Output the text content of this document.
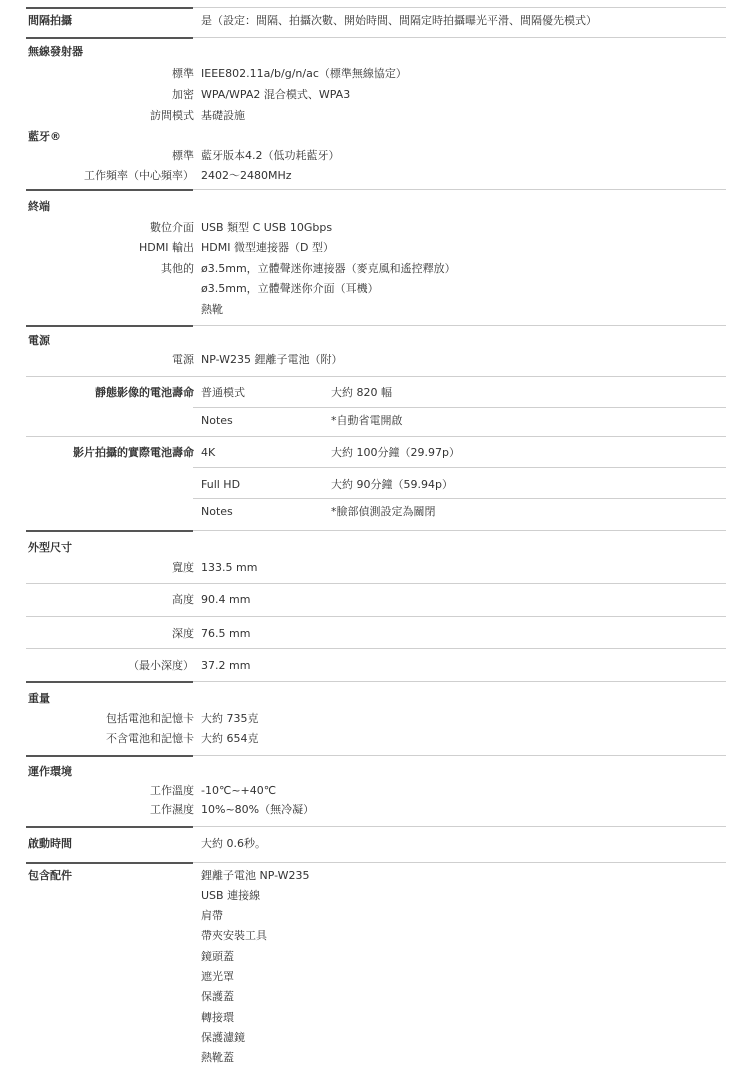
間隔拍攝	是（設定：間隔、拍攝次數、開始時間、間隔定時拍攝曝光平滑、間隔優先模式）
無線發射器
標準 IEEE802.11a/b/g/n/ac（標準無線協定）
加密 WPA/WPA2 混合模式、WPA3
訪問模式 基礎設施
藍牙®
標準 藍牙版本4.2（低功耗藍牙）
工作頻率（中心頻率） 2402～2480MHz
終端
數位介面 USB 類型 C USB 10Gbps
HDMI 輸出 HDMI 微型連接器（D 型）
其他的 ø3.5mm，立體聲迷你連接器（麥克風和遙控釋放）
ø3.5mm，立體聲迷你介面（耳機）
熱靴
電源
電源 NP-W235 鋰離子電池（附）
靜態影像的電池壽命 普通模式	大約 820 幅
Notes	*自動省電開啟
影片拍攝的實際電池壽命 4K	大約 100分鐘（29.97p）
Full HD	大約 90分鐘（59.94p）
Notes	*臉部偵測設定為關閉
外型尺寸
寬度 133.5 mm
高度 90.4 mm
深度 76.5 mm
（最小深度） 37.2 mm
重量
包括電池和記憶卡 大約 735克
不含電池和記憶卡 大約 654克
運作環境
工作溫度 -10℃~+40℃
工作濕度 10%~80%（無冷凝）
啟動時間	大約 0.6秒。
包含配件	鋰離子電池 NP-W235
USB 連接線
肩帶
帶夾安裝工具
鏡頭蓋
遮光罩
保護蓋
轉接環
保護濾鏡
熱靴蓋
